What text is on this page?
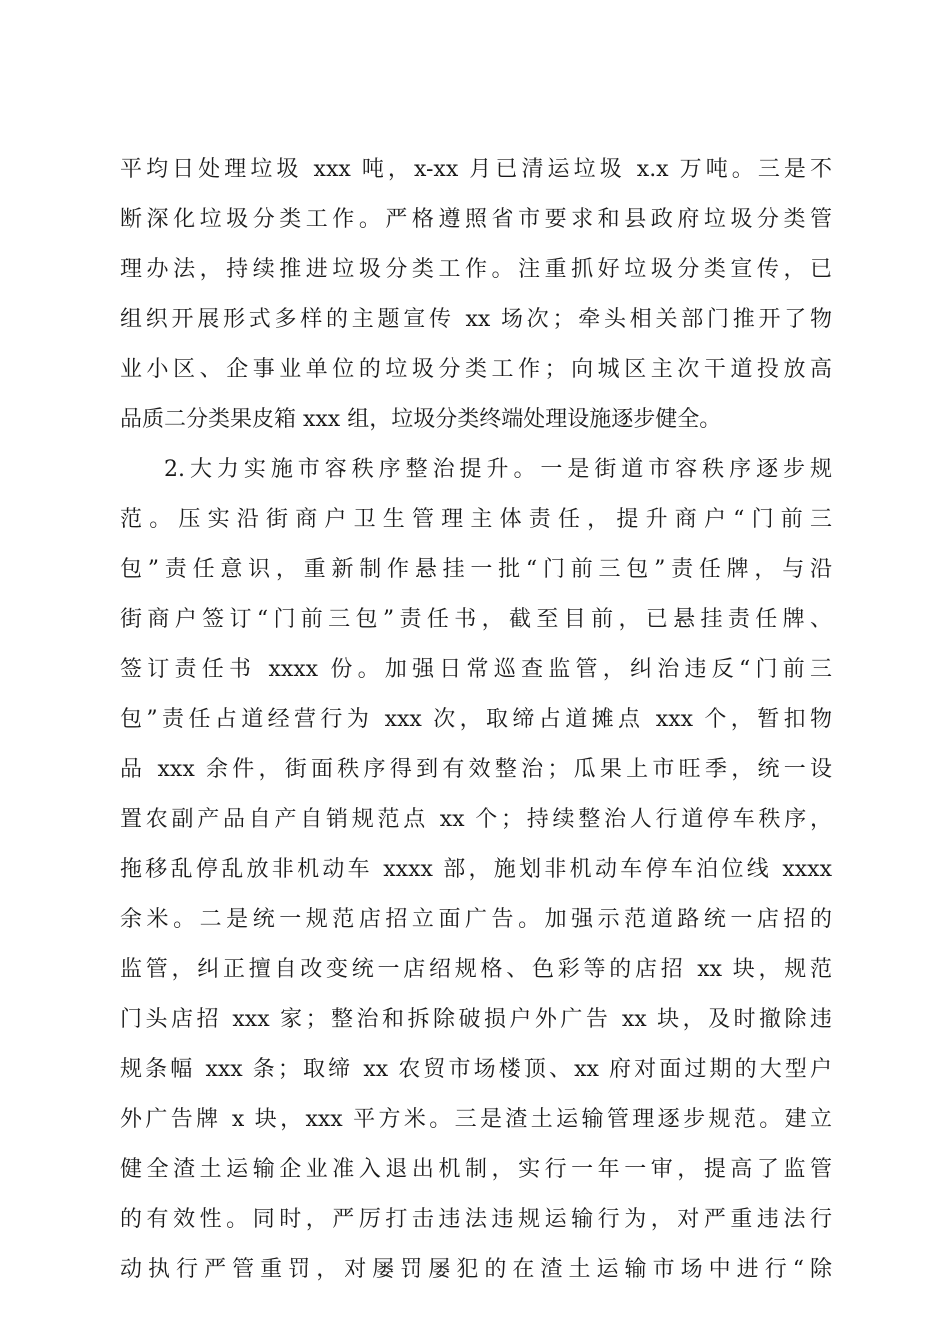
平均日处理垃圾 xxx 吨，x-xx 月已清运垃圾 x.x 万吨。三是不
断深化垃圾分类工作。严格遵照省市要求和县政府垃圾分类管
理办法，持续推进垃圾分类工作。注重抓好垃圾分类宣传，已
组织开展形式多样的主题宣传 xx 场次；牵头相关部门推开了物
业小区、企事业单位的垃圾分类工作；向城区主次干道投放高
品质二分类果皮箱 xxx 组，垃圾分类终端处理设施逐步健全。
2.大力实施市容秩序整治提升。一是街道市容秩序逐步规
范。压实沿街商户卫生管理主体责任，提升商户“门前三
包”责任意识，重新制作悬挂一批“门前三包”责任牌，与沿
街商户签订“门前三包”责任书，截至目前，已悬挂责任牌、
签订责任书 xxxx 份。加强日常巡查监管，纠治违反“门前三
包”责任占道经营行为 xxx 次，取缔占道摊点 xxx 个，暂扣物
品 xxx 余件，街面秩序得到有效整治；瓜果上市旺季，统一设
置农副产品自产自销规范点 xx 个；持续整治人行道停车秩序，
拖移乱停乱放非机动车 xxxx 部，施划非机动车停车泊位线 xxxx
余米。二是统一规范店招立面广告。加强示范道路统一店招的
监管，纠正擅自改变统一店绍规格、色彩等的店招 xx 块，规范
门头店招 xxx 家；整治和拆除破损户外广告 xx 块，及时撤除违
规条幅 xxx 条；取缔 xx 农贸市场楼顶、xx 府对面过期的大型户
外广告牌 x 块，xxx 平方米。三是渣土运输管理逐步规范。建立
健全渣土运输企业准入退出机制，实行一年一审，提高了监管
的有效性。同时，严厉打击违法违规运输行为，对严重违法行
动执行严管重罚，对屡罚屡犯的在渣土运输市场中进行“除
